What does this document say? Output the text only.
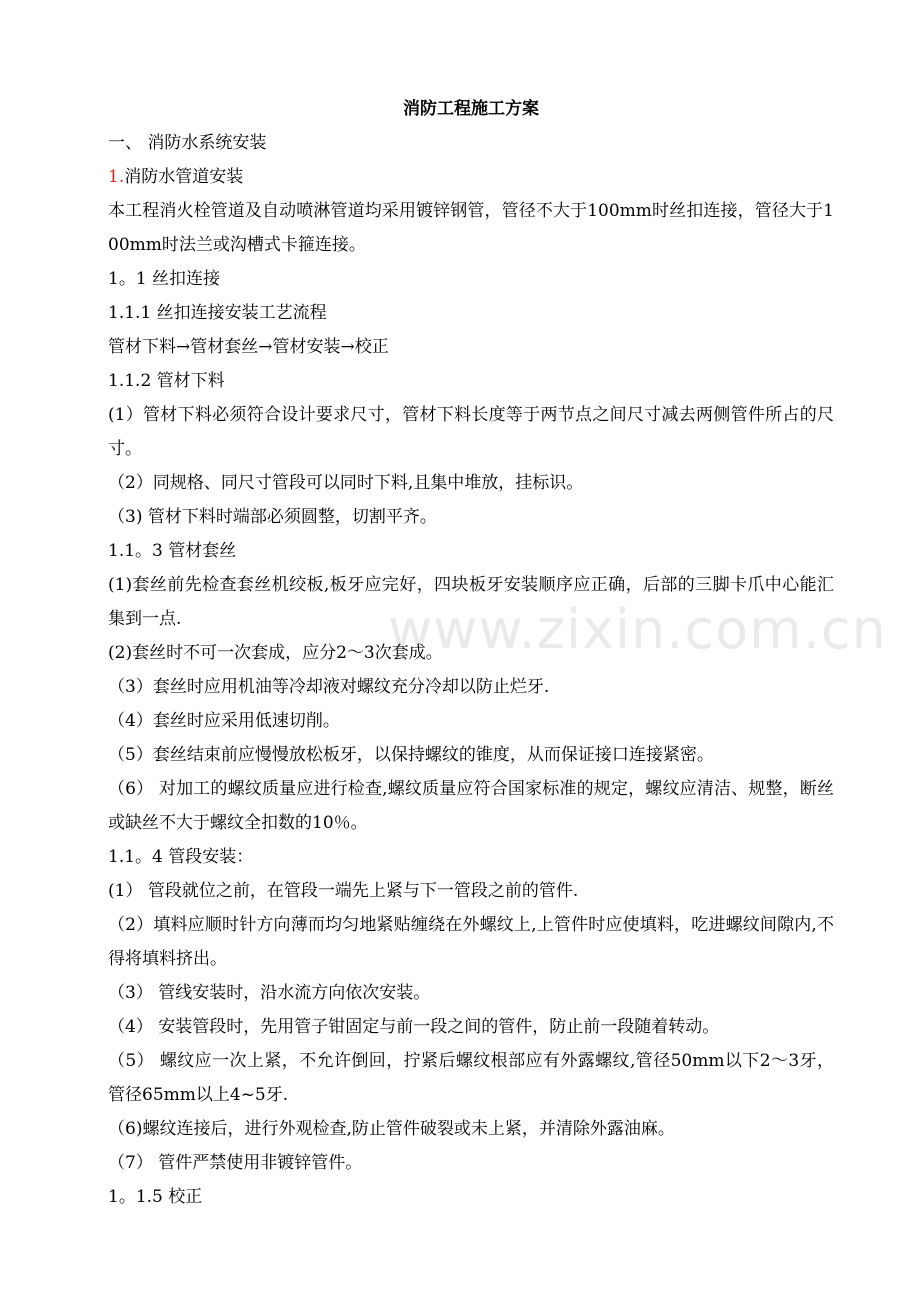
消防工程施工方案

一、 消防水系统安装

1.消防水管道安装

本工程消火栓管道及自动喷淋管道均采用镀锌钢管，管径不大于100mm时丝扣连接，管径大于100mm时法兰或沟槽式卡箍连接。

1。1 丝扣连接

1.1.1 丝扣连接安装工艺流程

管材下料→管材套丝→管材安装→校正

1.1.2 管材下料

(1）管材下料必须符合设计要求尺寸，管材下料长度等于两节点之间尺寸减去两侧管件所占的尺寸。

（2）同规格、同尺寸管段可以同时下料,且集中堆放，挂标识。

（3) 管材下料时端部必须圆整，切割平齐。

1.1。3 管材套丝

(1)套丝前先检查套丝机绞板,板牙应完好，四块板牙安装顺序应正确，后部的三脚卡爪中心能汇集到一点.

(2)套丝时不可一次套成，应分2～3次套成。

（3）套丝时应用机油等冷却液对螺纹充分冷却以防止烂牙.

（4）套丝时应采用低速切削。

（5）套丝结束前应慢慢放松板牙，以保持螺纹的锥度，从而保证接口连接紧密。

（6） 对加工的螺纹质量应进行检查,螺纹质量应符合国家标准的规定，螺纹应清洁、规整，断丝或缺丝不大于螺纹全扣数的10％。

1.1。4 管段安装：

(1） 管段就位之前，在管段一端先上紧与下一管段之前的管件.

（2）填料应顺时针方向薄而均匀地紧贴缠绕在外螺纹上,上管件时应使填料，吃进螺纹间隙内,不得将填料挤出。

（3） 管线安装时，沿水流方向依次安装。

（4） 安装管段时，先用管子钳固定与前一段之间的管件，防止前一段随着转动。

（5） 螺纹应一次上紧，不允许倒回，拧紧后螺纹根部应有外露螺纹,管径50mm以下2～3牙，管径65mm以上4~5牙.

（6)螺纹连接后，进行外观检查,防止管件破裂或未上紧，并清除外露油麻。

（7） 管件严禁使用非镀锌管件。

1。1.5 校正

www.zixin.com.cn
